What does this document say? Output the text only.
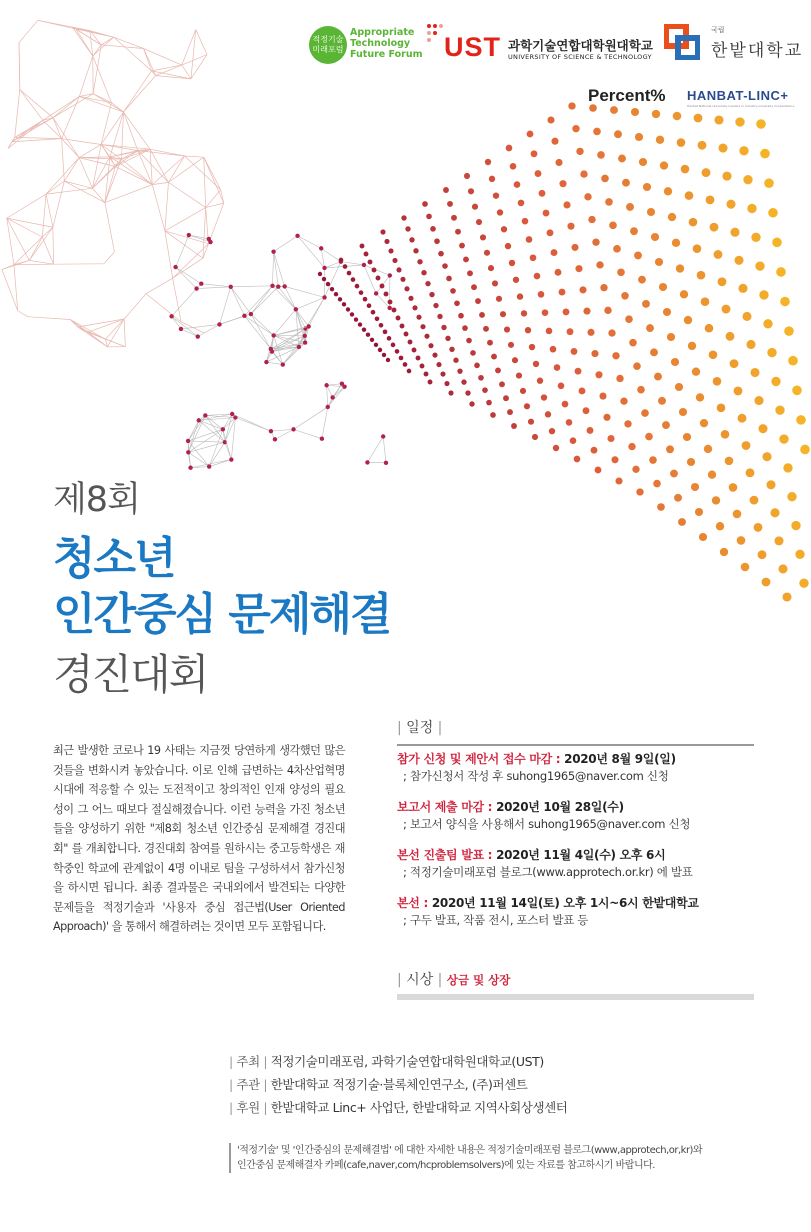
적정기술 미래포럼
Appropriate
Technology
Future Forum UST 과학기술연합대학원대학교
UNIVERSITY OF SCIENCE & TECHNOLOGY
국립
한밭대학교
Percent% HANBAT-LINC+
Hanbat National University Leaders in Industry-university Cooperation+
제8회
청소년
인간중심 문제해결
경진대회
최근 발생한 코로나 19 사태는 지금껏 당연하게 생각했던 많은 것들을 변화시켜 놓았습니다. 이로 인해 급변하는 4차산업혁명 시대에 적응할 수 있는 도전적이고 창의적인 인재 양성의 필요성이 그 어느 때보다 절실해졌습니다. 이런 능력을 가진 청소년들을 양성하기 위한 "제8회 청소년 인간중심 문제해결 경진대회" 를 개최합니다. 경진대회 참여를 원하시는 중고등학생은 재학중인 학교에 관계없이 4명 이내로 팀을 구성하셔서 참가신청을 하시면 됩니다. 최종 결과물은 국내외에서 발견되는 다양한 문제들을 적정기술과 '사용자 중심 접근법(User Oriented Approach)' 을 통해서 해결하려는 것이면 모두 포함됩니다.
| 일정 |
참가 신청 및 제안서 접수 마감 : 2020년 8월 9일(일)
; 참가신청서 작성 후 suhong1965@naver.com 신청
보고서 제출 마감 : 2020년 10월 28일(수)
; 보고서 양식을 사용해서 suhong1965@naver.com 신청
본선 진출팀 발표 : 2020년 11월 4일(수) 오후 6시
; 적정기술미래포럼 블로그(www.approtech.or.kr) 에 발표
본선 : 2020년 11월 14일(토) 오후 1시~6시 한밭대학교
; 구두 발표, 작품 전시, 포스터 발표 등
| 시상 | 상금 및 상장
| 주최 | 적정기술미래포럼, 과학기술연합대학원대학교(UST)
| 주관 | 한밭대학교 적정기술·블록체인연구소, (주)퍼센트
| 후원 | 한밭대학교 Linc+ 사업단, 한밭대학교 지역사회상생센터
'적정기술' 및 '인간중심의 문제해결법' 에 대한 자세한 내용은 적정기술미래포럼 블로그(www,approtech,or,kr)와
인간중심 문제해결자 카페(cafe,naver,com/hcproblemsolvers)에 있는 자료를 참고하시기 바랍니다.
